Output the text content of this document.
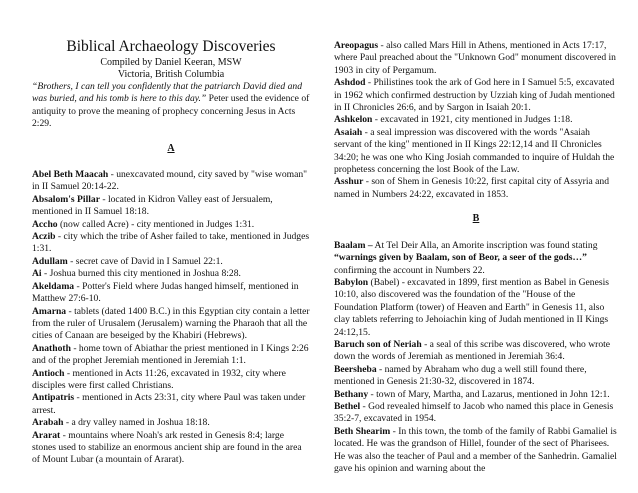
Biblical Archaeology Discoveries
Compiled by Daniel Keeran, MSW
Victoria, British Columbia

“Brothers, I can tell you confidently that the patriarch David died and was buried, and his tomb is here to this day.” Peter used the evidence of antiquity to prove the meaning of prophecy concerning Jesus in Acts 2:29.

A

Abel Beth Maacah - unexcavated mound, city saved by "wise woman" in II Samuel 20:14-22.

Absalom's Pillar - located in Kidron Valley east of Jersualem, mentioned in II Samuel 18:18.

Accho (now called Acre) - city mentioned in Judges 1:31.

Aczib - city which the tribe of Asher failed to take, mentioned in Judges 1:31.

Adullam - secret cave of David in I Samuel 22:1.

Ai - Joshua burned this city mentioned in Joshua 8:28.

Akeldama - Potter's Field where Judas hanged himself, mentioned in Matthew 27:6-10.

Amarna - tablets (dated 1400 B.C.) in this Egyptian city contain a letter from the ruler of Urusalem (Jerusalem) warning the Pharaoh that all the cities of Canaan are beseiged by the Khabiri (Hebrews).

Anathoth - home town of Abiathar the priest mentioned in I Kings 2:26 and of the prophet Jeremiah mentioned in Jeremiah 1:1.

Antioch - mentioned in Acts 11:26, excavated in 1932, city where disciples were first called Christians.

Antipatris - mentioned in Acts 23:31, city where Paul was taken under arrest.

Arabah - a dry valley named in Joshua 18:18.

Ararat - mountains where Noah's ark rested in Genesis 8:4; large stones used to stabilize an enormous ancient ship are found in the area of Mount Lubar (a mountain of Ararat).

Areopagus - also called Mars Hill in Athens, mentioned in Acts 17:17, where Paul preached about the "Unknown God" monument discovered in 1903 in city of Pergamum.

Ashdod - Philistines took the ark of God here in I Samuel 5:5, excavated in 1962 which confirmed destruction by Uzziah king of Judah mentioned in II Chronicles 26:6, and by Sargon in Isaiah 20:1.

Ashkelon - excavated in 1921, city mentioned in Judges 1:18.

Asaiah - a seal impression was discovered with the words "Asaiah servant of the king" mentioned in II Kings 22:12,14 and II Chronicles 34:20; he was one who King Josiah commanded to inquire of Huldah the prophetess concerning the lost Book of the Law.

Asshur - son of Shem in Genesis 10:22, first capital city of Assyria and named in Numbers 24:22, excavated in 1853.

B

Baalam – At Tel Deir Alla, an Amorite inscription was found stating “warnings given by Baalam, son of Beor, a seer of the gods…” confirming the account in Numbers 22.

Babylon (Babel) - excavated in 1899, first mention as Babel in Genesis 10:10, also discovered was the foundation of the "House of the Foundation Platform (tower) of Heaven and Earth" in Genesis 11, also clay tablets referring to Jehoiachin king of Judah mentioned in II Kings 24:12,15.

Baruch son of Neriah - a seal of this scribe was discovered, who wrote down the words of Jeremiah as mentioned in Jeremiah 36:4.

Beersheba - named by Abraham who dug a well still found there, mentioned in Genesis 21:30-32, discovered in 1874.

Bethany - town of Mary, Martha, and Lazarus, mentioned in John 12:1.

Bethel - God revealed himself to Jacob who named this place in Genesis 35:2-7, excavated in 1954.

Beth Shearim - In this town, the tomb of the family of Rabbi Gamaliel is located. He was the grandson of Hillel, founder of the sect of Pharisees. He was also the teacher of Paul and a member of the Sanhedrin. Gamaliel gave his opinion and warning about the
